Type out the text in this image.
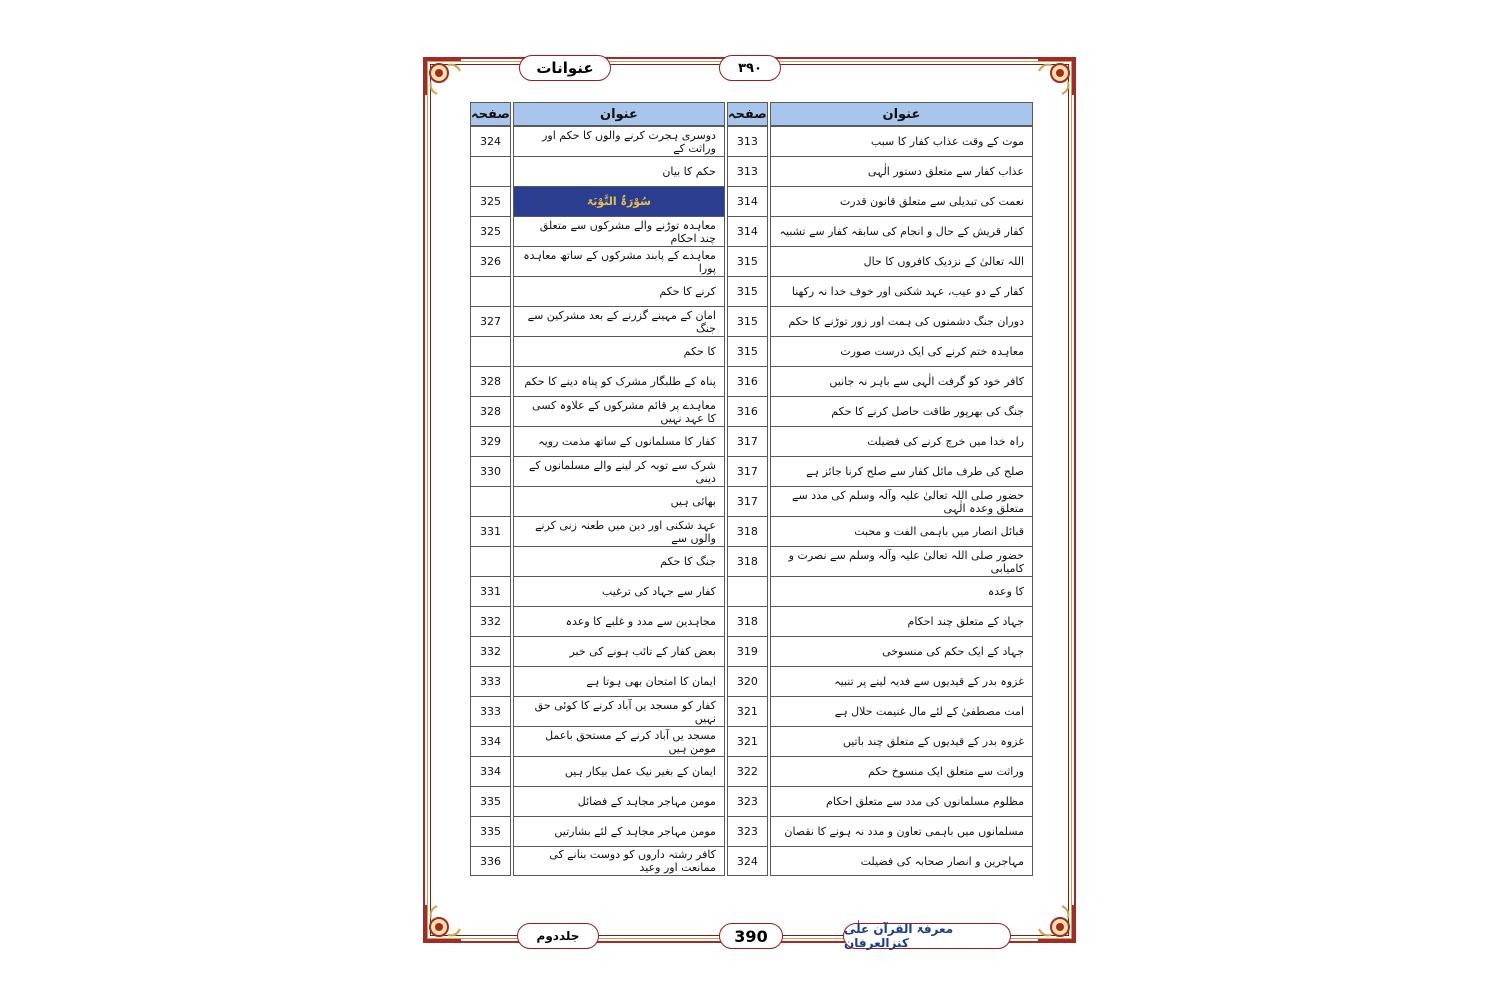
عنوانات	۳۹۰
عنوان	صفحہ	عنوان	صفحہ
موت کے وقت عذاب کفار کا سبب	313	دوسری ہجرت کرنے والوں کا حکم اور وراثت کے	324
عذاب کفار سے متعلق دستور الٰہی	313	حکم کا بیان	
نعمت کی تبدیلی سے متعلق قانون قدرت	314	سُوْرَۃُ التَّوْبَۃ	325
کفار قریش کے حال و انجام کی سابقہ کفار سے تشبیہ	314	معاہدہ توڑنے والے مشرکوں سے متعلق چند احکام	325
اللہ تعالیٰ کے نزدیک کافروں کا حال	315	معاہدے کے پابند مشرکوں کے ساتھ معاہدہ پورا	326
کفار کے دو عیب، عہد شکنی اور خوف خدا نہ رکھنا	315	کرنے کا حکم	
دوران جنگ دشمنوں کی ہمت اور زور توڑنے کا حکم	315	امان کے مہینے گزرنے کے بعد مشرکین سے جنگ	327
معاہدہ ختم کرنے کی ایک درست صورت	315	کا حکم	
کافر خود کو گرفت الٰہی سے باہر نہ جانیں	316	پناہ کے طلبگار مشرک کو پناہ دینے کا حکم	328
جنگ کی بھرپور طاقت حاصل کرنے کا حکم	316	معاہدے پر قائم مشرکوں کے علاوہ کسی کا عہد نہیں	328
راہ خدا میں خرچ کرنے کی فضیلت	317	کفار کا مسلمانوں کے ساتھ مذمت رویہ	329
صلح کی طرف مائل کفار سے صلح کرنا جائز ہے	317	شرک سے توبہ کر لینے والے مسلمانوں کے دینی	330
حضور صلی اللہ تعالیٰ علیہ وآلہ وسلم کی مدد سے متعلق وعدہ الٰہی	317	بھائی ہیں	
قبائل انصار میں باہمی الفت و محبت	318	عہد شکنی اور دین میں طعنہ زنی کرنے والوں سے	331
حضور صلی اللہ تعالیٰ علیہ وآلہ وسلم سے نصرت و کامیابی	318	جنگ کا حکم	
کا وعدہ		کفار سے جہاد کی ترغیب	331
جہاد کے متعلق چند احکام	318	مجاہدین سے مدد و غلبے کا وعدہ	332
جہاد کے ایک حکم کی منسوخی	319	بعض کفار کے تائب ہونے کی خبر	332
غزوہ بدر کے قیدیوں سے فدیہ لینے پر تنبیہ	320	ایمان کا امتحان بھی ہوتا ہے	333
امت مصطفیٰ کے لئے مال غنیمت حلال ہے	321	کفار کو مسجد یں آباد کرنے کا کوئی حق نہیں	333
غزوہ بدر کے قیدیوں کے متعلق چند باتیں	321	مسجد یں آباد کرنے کے مستحق باعمل مومن ہیں	334
وراثت سے متعلق ایک منسوخ حکم	322	ایمان کے بغیر نیک عمل بیکار ہیں	334
مظلوم مسلمانوں کی مدد سے متعلق احکام	323	مومن مہاجر مجاہد کے فضائل	335
مسلمانوں میں باہمی تعاون و مدد نہ ہونے کا نقصان	323	مومن مہاجر مجاہد کے لئے بشارتیں	335
مہاجرین و انصار صحابہ کی فضیلت	324	کافر رشتہ داروں کو دوست بنانے کی ممانعت اور وعید	336
جلددوم	390	معرفۃ القرآن علٰی کنزالعرفان
